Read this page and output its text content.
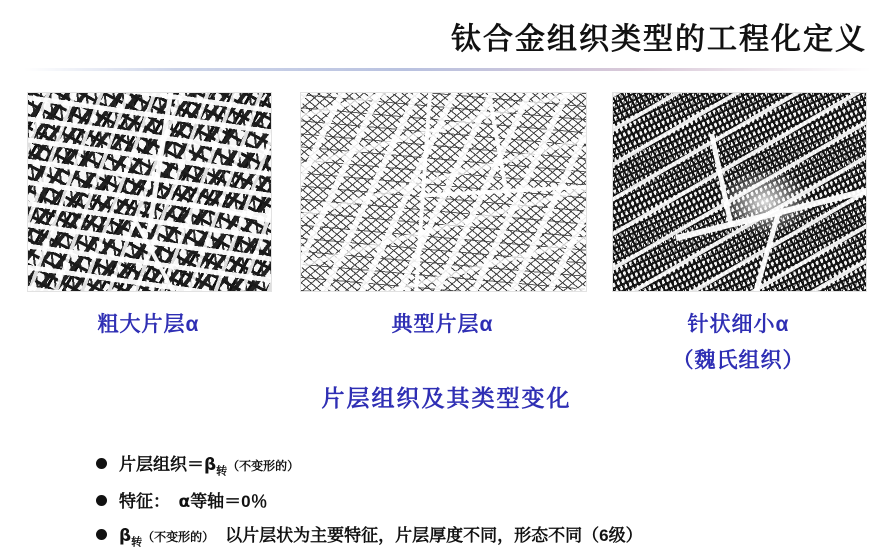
钛合金组织类型的工程化定义
粗大片层α	典型片层α	针状细小α
（魏氏组织）
片层组织及其类型变化
片层组织$=\beta_转$（不变形的）
特征：　α等轴＝0％
$\beta_转$（不变形的）　以片层状为主要特征，片层厚度不同，形态不同（6级）
